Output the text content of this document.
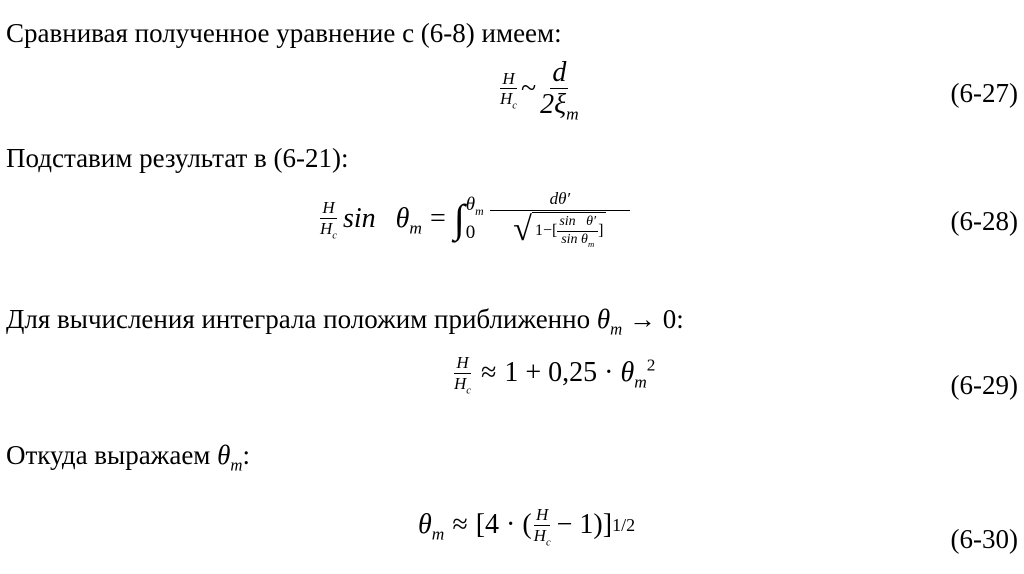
Сравнивая полученное уравнение с (6-8) имеем:
$\frac{H}{H_c}$ ~ $\frac{d}{2\xi_m}$	(6-27)
Подставим результат в (6-21):
$\frac{H}{H_c}$ $\sin \theta_m$ = ∫ $\theta_m$
0
dθ′
√ $1-[ \frac{\text{sin   θ′}}{\sin \theta_m}$ ]	(6-28)
Для вычисления интеграла положим приближенно $\theta_m \to 0$:
$\frac{H}{H_c} \approx 1 + 0,25 \cdot \theta_m^2$
(6-29)
Откуда выражаем $\theta_m$:
$\theta_m \approx [4$ · ( $\frac{H}{H_c} - 1$)] 1/2	(6-30)
